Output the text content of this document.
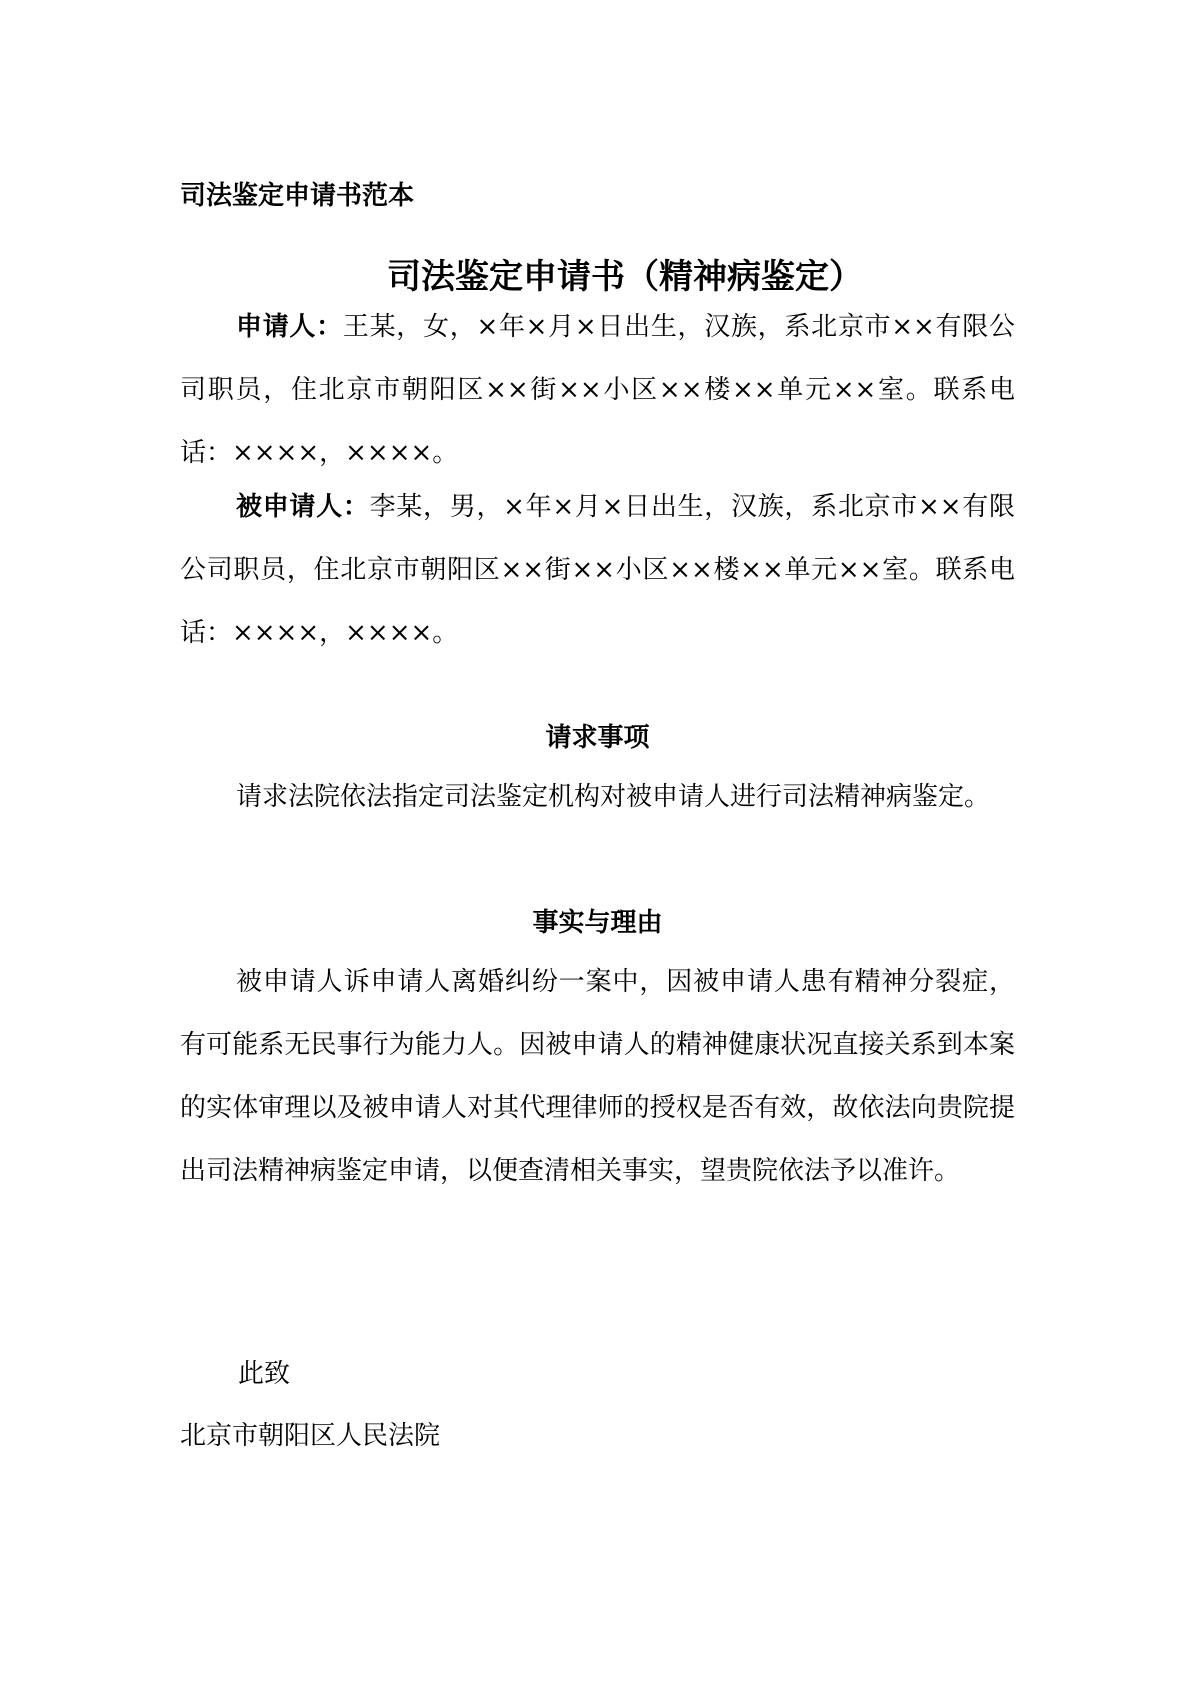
司法鉴定申请书范本
司法鉴定申请书（精神病鉴定）

申请人：王某，女，×年×月×日出生，汉族，系北京市××有限公司职员，住北京市朝阳区××街××小区××楼××单元××室。联系电话：××××，××××。

被申请人：李某，男，×年×月×日出生，汉族，系北京市××有限公司职员，住北京市朝阳区××街××小区××楼××单元××室。联系电话：××××，××××。

请求事项

请求法院依法指定司法鉴定机构对被申请人进行司法精神病鉴定。

事实与理由

被申请人诉申请人离婚纠纷一案中，因被申请人患有精神分裂症，有可能系无民事行为能力人。因被申请人的精神健康状况直接关系到本案的实体审理以及被申请人对其代理律师的授权是否有效，故依法向贵院提出司法精神病鉴定申请，以便查清相关事实，望贵院依法予以准许。

此致
北京市朝阳区人民法院
